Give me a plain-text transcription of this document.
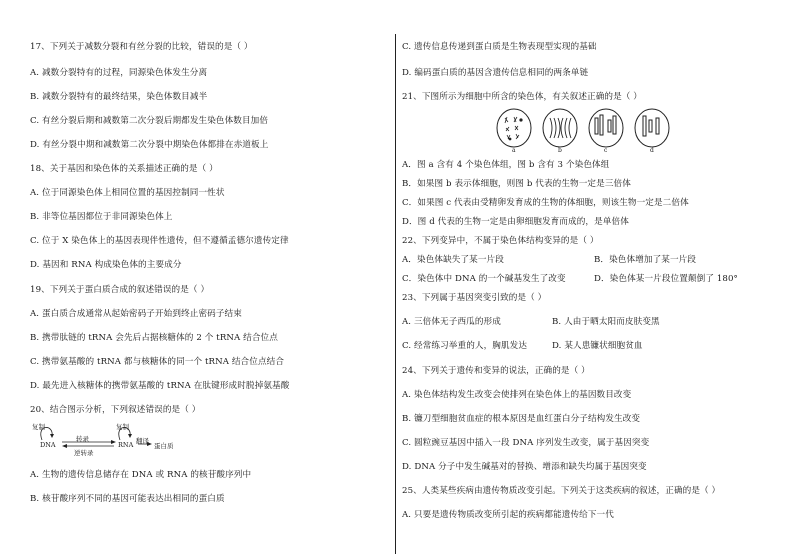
17、下列关于减数分裂和有丝分裂的比较，错误的是（ ）
A. 减数分裂特有的过程，同源染色体发生分离
B. 减数分裂特有的最终结果，染色体数目减半
C. 有丝分裂后期和减数第二次分裂后期都发生染色体数目加倍
D. 有丝分裂中期和减数第二次分裂中期染色体都排在赤道板上
18、关于基因和染色体的关系描述正确的是（ ）
A. 位于同源染色体上相同位置的基因控制同一性状
B. 非等位基因都位于非同源染色体上
C. 位于 X 染色体上的基因表现伴性遗传，但不遵循孟德尔遗传定律
D. 基因和 RNA 构成染色体的主要成分
19、下列关于蛋白质合成的叙述错误的是（ ）
A. 蛋白质合成通常从起始密码子开始到终止密码子结束
B. 携带肽链的 tRNA 会先后占据核糖体的 2 个 tRNA 结合位点
C. 携带氨基酸的 tRNA 都与核糖体的同一个 tRNA 结合位点结合
D. 最先进入核糖体的携带氨基酸的 tRNA 在肽键形成时脱掉氨基酸
20、结合图示分析，下列叙述错误的是（ ）
复制	复制
DNA
转录
逆转录
RNA 翻译
蛋白质
A. 生物的遗传信息储存在 DNA 或 RNA 的核苷酸序列中
B. 核苷酸序列不同的基因可能表达出相同的蛋白质
C. 遗传信息传递到蛋白质是生物表现型实现的基础
D. 编码蛋白质的基因含遗传信息相同的两条单链
21、下图所示为细胞中所含的染色体，有关叙述正确的是（ ）
a	b	c	d
A．图 a 含有 4 个染色体组，图 b 含有 3 个染色体组
B．如果图 b 表示体细胞，则图 b 代表的生物一定是三倍体
C．如果图 c 代表由受精卵发育成的生物的体细胞，则该生物一定是二倍体
D．图 d 代表的生物一定是由卵细胞发育而成的，是单倍体
22、下列变异中，不属于染色体结构变异的是（ ）
A．染色体缺失了某一片段	B．染色体增加了某一片段
C．染色体中 DNA 的一个碱基发生了改变	D．染色体某一片段位置颠倒了 180°
23、下列属于基因突变引致的是（ ）
A. 三倍体无子西瓜的形成	B. 人由于晒太阳而皮肤变黑
C. 经常练习举重的人，胸肌发达	D. 某人患镰状细胞贫血
24、下列关于遗传和变异的说法，正确的是（ ）
A. 染色体结构发生改变会使排列在染色体上的基因数目改变
B. 镰刀型细胞贫血症的根本原因是血红蛋白分子结构发生改变
C. 圆粒豌豆基因中插入一段 DNA 序列发生改变，属于基因突变
D. DNA 分子中发生碱基对的替换、增添和缺失均属于基因突变
25、人类某些疾病由遗传物质改变引起。下列关于这类疾病的叙述，正确的是（ ）
A. 只要是遗传物质改变所引起的疾病都能遗传给下一代
